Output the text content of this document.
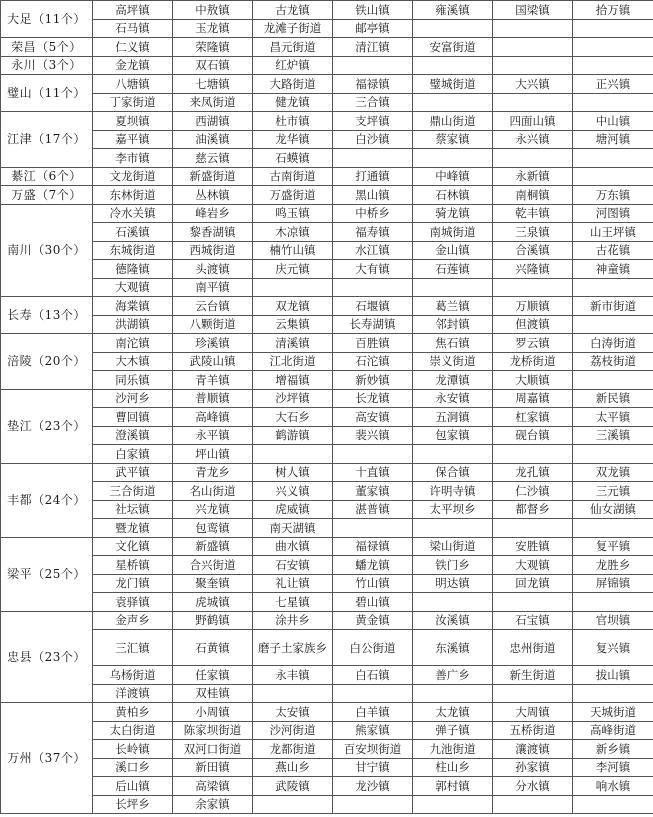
大足（11个）	高坪镇	中敖镇	古龙镇	铁山镇	雍溪镇	国梁镇	拾万镇
	石马镇	玉龙镇	龙滩子街道	邮亭镇			
荣昌（5个）	仁义镇	荣隆镇	昌元街道	清江镇	安富街道		
永川（3个）	金龙镇	双石镇	红炉镇				
璧山（11个）	八塘镇	七塘镇	大路街道	福禄镇	璧城街道	大兴镇	正兴镇
	丁家街道	来凤街道	健龙镇	三合镇			
江津（17个）	夏坝镇	西湖镇	杜市镇	支坪镇	鼎山街道	四面山镇	中山镇
	嘉平镇	油溪镇	龙华镇	白沙镇	蔡家镇	永兴镇	塘河镇
	李市镇	慈云镇	石蟆镇				
綦江（6个）	文龙街道	新盛街道	古南街道	打通镇	中峰镇	永新镇	
万盛（7个）	东林街道	丛林镇	万盛街道	黑山镇	石林镇	南桐镇	万东镇
南川（30个）	冷水关镇	峰岩乡	鸣玉镇	中桥乡	骑龙镇	乾丰镇	河图镇
	石溪镇	黎香湖镇	木凉镇	福寿镇	南城街道	三泉镇	山王坪镇
	东城街道	西城街道	楠竹山镇	水江镇	金山镇	合溪镇	古花镇
	德隆镇	头渡镇	庆元镇	大有镇	石莲镇	兴隆镇	神童镇
	大观镇	南平镇					
长寿（13个）	海棠镇	云台镇	双龙镇	石堰镇	葛兰镇	万顺镇	新市街道
	洪湖镇	八颗街道	云集镇	长寿湖镇	邻封镇	但渡镇	
涪陵（20个）	南沱镇	珍溪镇	清溪镇	百胜镇	焦石镇	罗云镇	白涛街道
	大木镇	武陵山镇	江北街道	石沱镇	崇义街道	龙桥街道	荔枝街道
	同乐镇	青羊镇	增福镇	新妙镇	龙潭镇	大顺镇	
垫江（23个）	沙河乡	普顺镇	沙坪镇	长龙镇	永安镇	周嘉镇	新民镇
	曹回镇	高峰镇	大石乡	高安镇	五洞镇	杠家镇	太平镇
	澄溪镇	永平镇	鹤游镇	裴兴镇	包家镇	砚台镇	三溪镇
	白家镇	坪山镇					
丰都（24个）	武平镇	青龙乡	树人镇	十直镇	保合镇	龙孔镇	双龙镇
	三合街道	名山街道	兴义镇	董家镇	许明寺镇	仁沙镇	三元镇
	社坛镇	兴龙镇	虎威镇	湛普镇	太平坝乡	都督乡	仙女湖镇
	暨龙镇	包鸾镇	南天湖镇				
梁平（25个）	文化镇	新盛镇	曲水镇	福禄镇	梁山街道	安胜镇	复平镇
	星桥镇	合兴街道	石安镇	蟠龙镇	铁门乡	大观镇	龙胜乡
	龙门镇	聚奎镇	礼让镇	竹山镇	明达镇	回龙镇	屏锦镇
	袁驿镇	虎城镇	七星镇	碧山镇			
忠县（23个）	金声乡	野鹤镇	涂井乡	黄金镇	汝溪镇	石宝镇	官坝镇
	三汇镇	石黄镇	磨子土家族乡	白公街道	东溪镇	忠州街道	复兴镇
	乌杨街道	任家镇	永丰镇	白石镇	善广乡	新生街道	拔山镇
	洋渡镇	双桂镇					
万州（37个）	黄柏乡	小周镇	太安镇	白羊镇	太龙镇	大周镇	天城街道
	太白街道	陈家坝街道	沙河街道	熊家镇	弹子镇	五桥街道	高峰街道
	长岭镇	双河口街道	龙都街道	百安坝街道	九池街道	瀼渡镇	新乡镇
	溪口乡	新田镇	燕山乡	甘宁镇	柱山乡	孙家镇	李河镇
	后山镇	高梁镇	武陵镇	龙沙镇	郭村镇	分水镇	响水镇
	长坪乡	余家镇					
